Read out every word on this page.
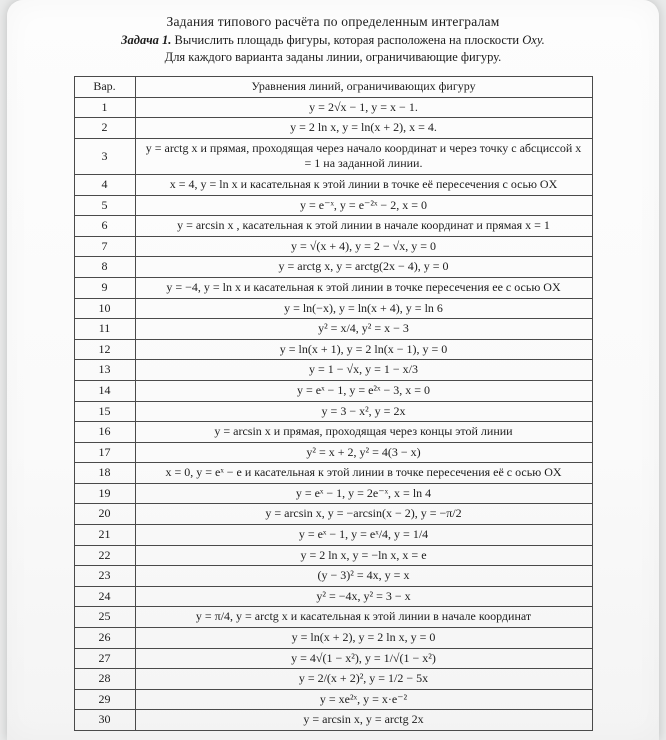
Задания типового расчёта по определенным интегралам
Задача 1. Вычислить площадь фигуры, которая расположена на плоскости Oxy.
Для каждого варианта заданы линии, ограничивающие фигуру.
Вар.	Уравнения линий, ограничивающих фигуру
1	y = 2√x − 1, y = x − 1.
2	y = 2 ln x, y = ln(x + 2), x = 4.
3	y = arctg x и прямая, проходящая через начало координат и через точку с абсциссой x = 1 на заданной линии.
4	x = 4, y = ln x и касательная к этой линии в точке её пересечения с осью OX
5	y = e⁻ˣ, y = e⁻²ˣ − 2, x = 0
6	y = arcsin x , касательная к этой линии в начале координат и прямая x = 1
7	y = √(x + 4), y = 2 − √x, y = 0
8	y = arctg x, y = arctg(2x − 4), y = 0
9	y = −4, y = ln x и касательная к этой линии в точке пересечения ее с осью OX
10	y = ln(−x), y = ln(x + 4), y = ln 6
11	y² = x/4, y² = x − 3
12	y = ln(x + 1), y = 2 ln(x − 1), y = 0
13	y = 1 − √x, y = 1 − x/3
14	y = eˣ − 1, y = e²ˣ − 3, x = 0
15	y = 3 − x², y = 2x
16	y = arcsin x и прямая, проходящая через концы этой линии
17	y² = x + 2, y² = 4(3 − x)
18	x = 0, y = eˣ − e и касательная к этой линии в точке пересечения её с осью OX
19	y = eˣ − 1, y = 2e⁻ˣ, x = ln 4
20	y = arcsin x, y = −arcsin(x − 2), y = −π/2
21	y = eˣ − 1, y = eˣ/4, y = 1/4
22	y = 2 ln x, y = −ln x, x = e
23	(y − 3)² = 4x, y = x
24	y² = −4x, y² = 3 − x
25	y = π/4, y = arctg x и касательная к этой линии в начале координат
26	y = ln(x + 2), y = 2 ln x, y = 0
27	y = 4√(1 − x²), y = 1/√(1 − x²)
28	y = 2/(x + 2)², y = 1/2 − 5x
29	y = xe²ˣ, y = x·e⁻²
30	y = arcsin x, y = arctg 2x
